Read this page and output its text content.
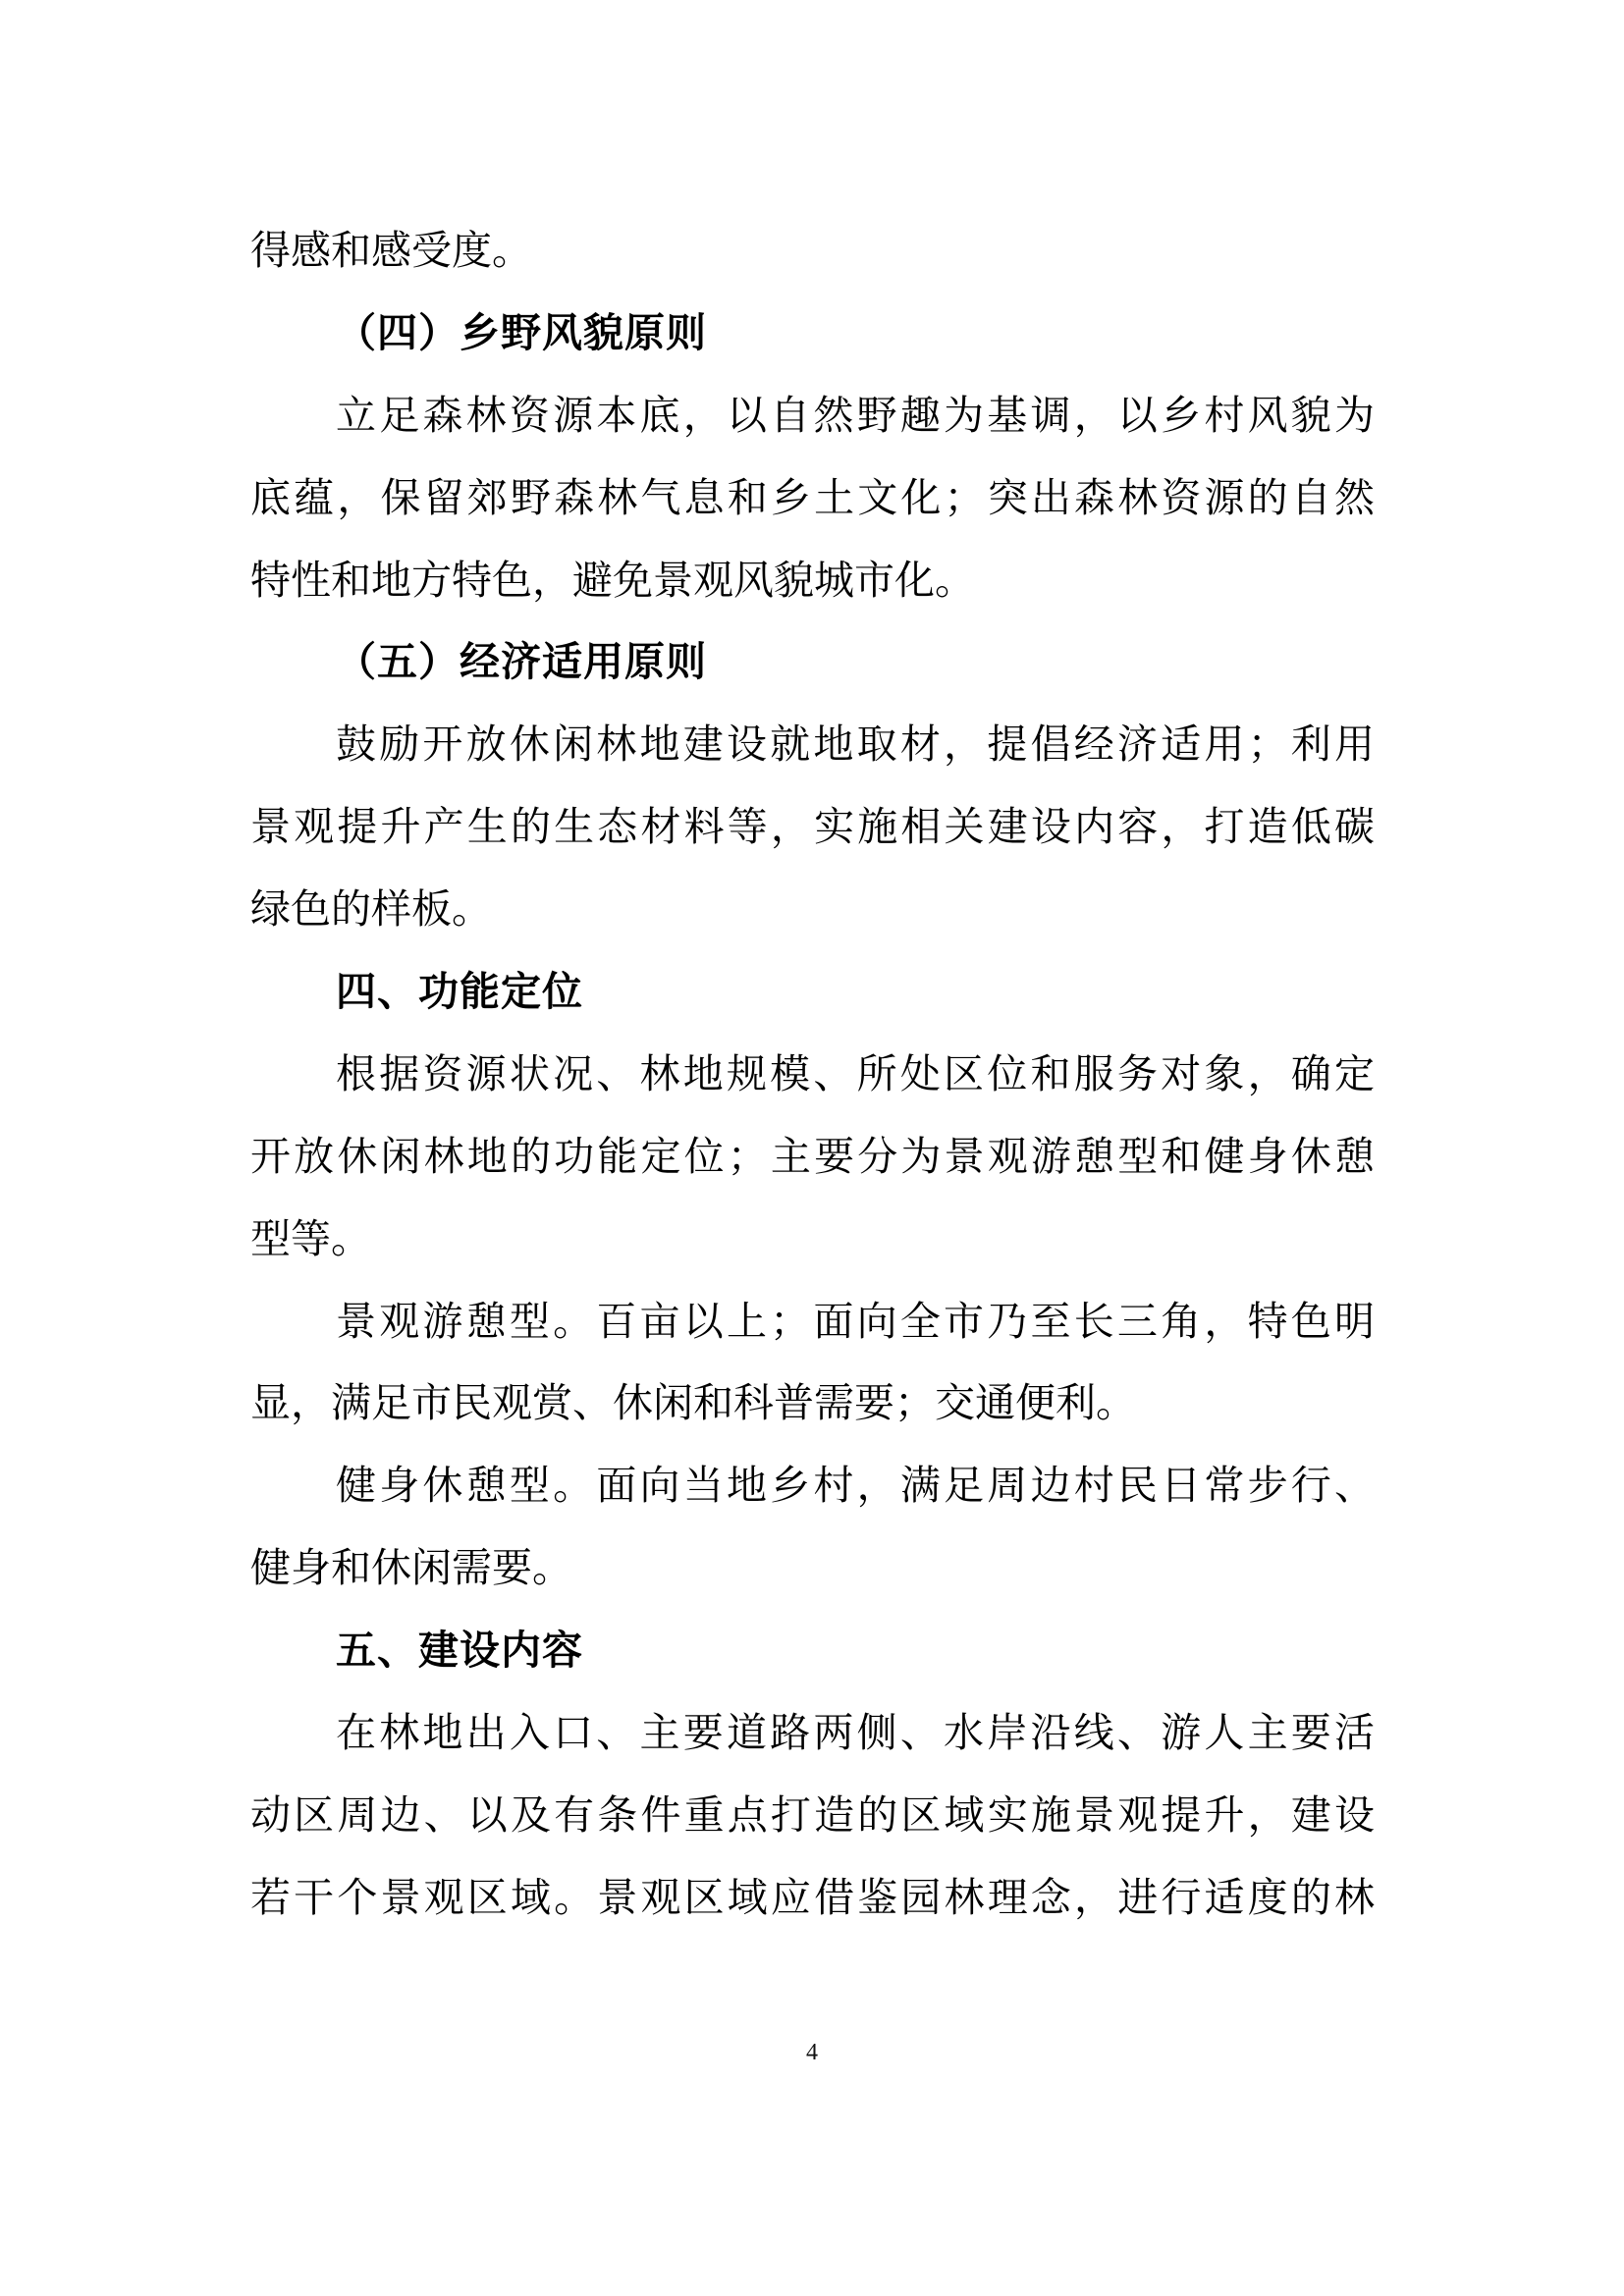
得感和感受度。
（四）乡野风貌原则
立足森林资源本底，以自然野趣为基调，以乡村风貌为
底蕴，保留郊野森林气息和乡土文化；突出森林资源的自然
特性和地方特色，避免景观风貌城市化。
（五）经济适用原则
鼓励开放休闲林地建设就地取材，提倡经济适用；利用
景观提升产生的生态材料等，实施相关建设内容，打造低碳
绿色的样板。
四、功能定位
根据资源状况、林地规模、所处区位和服务对象，确定
开放休闲林地的功能定位；主要分为景观游憩型和健身休憩
型等。
景观游憩型。百亩以上；面向全市乃至长三角，特色明
显，满足市民观赏、休闲和科普需要；交通便利。
健身休憩型。面向当地乡村，满足周边村民日常步行、
健身和休闲需要。
五、建设内容
在林地出入口、主要道路两侧、水岸沿线、游人主要活
动区周边、以及有条件重点打造的区域实施景观提升，建设
若干个景观区域。景观区域应借鉴园林理念，进行适度的林
4
